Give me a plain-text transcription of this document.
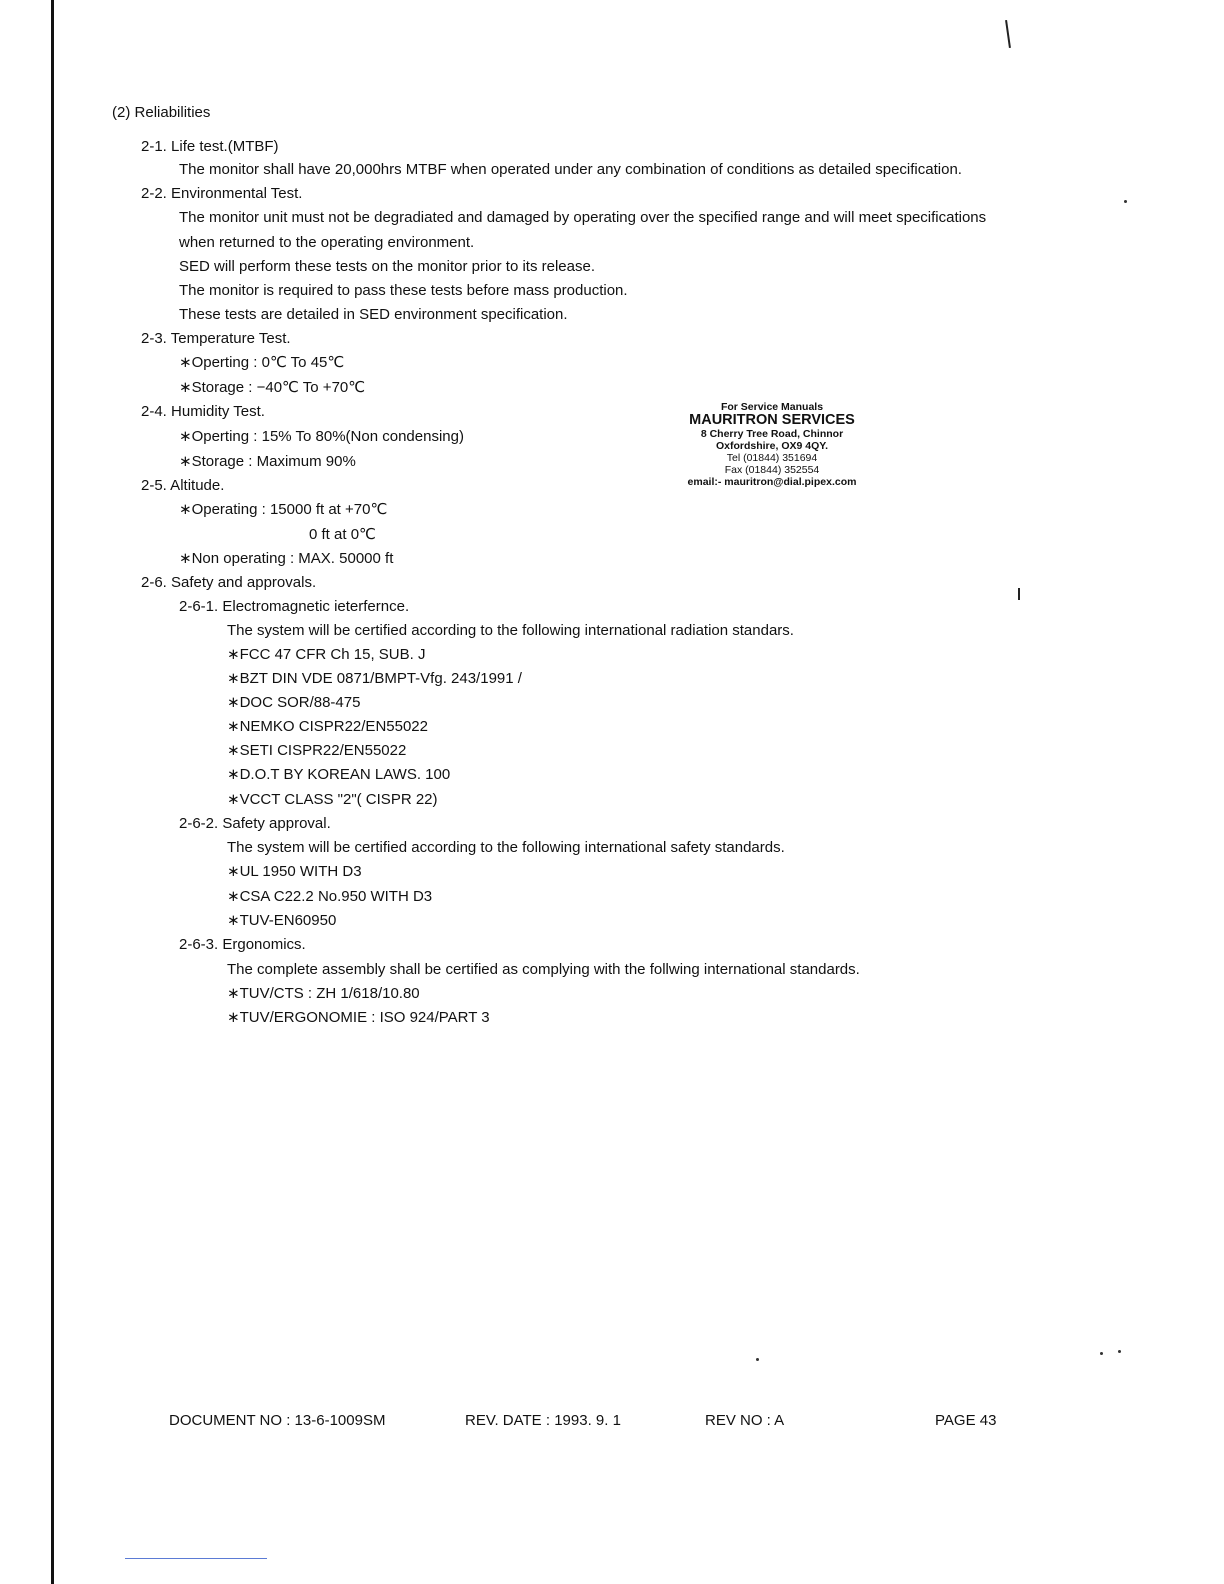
(2) Reliabilities
2-1. Life test.(MTBF)
The monitor shall have 20,000hrs MTBF when operated under any combination of conditions as detailed specification.
2-2. Environmental Test.
The monitor unit must not be degradiated and damaged by operating over the specified range and will meet specifications
when returned to the operating environment.
SED will perform these tests on the monitor prior to its release.
The monitor is required to pass these tests before mass production.
These tests are detailed in SED environment specification.
2-3. Temperature Test.
∗Operting : 0℃ To 45℃
∗Storage : −40℃ To +70℃
2-4. Humidity Test.
∗Operting : 15% To 80%(Non condensing)
∗Storage : Maximum 90%
2-5. Altitude.
∗Operating : 15000 ft at +70℃
0 ft at 0℃
∗Non operating : MAX. 50000 ft
2-6. Safety and approvals.
2-6-1. Electromagnetic ieterfernce.
The system will be certified according to the following international radiation standars.
∗FCC 47 CFR Ch 15, SUB. J
∗BZT DIN VDE 0871/BMPT-Vfg. 243/1991 /
∗DOC SOR/88-475
∗NEMKO CISPR22/EN55022
∗SETI CISPR22/EN55022
∗D.O.T BY KOREAN LAWS. 100
∗VCCT CLASS "2"( CISPR 22)
2-6-2. Safety approval.
The system will be certified according to the following international safety standards.
∗UL 1950 WITH D3
∗CSA C22.2 No.950 WITH D3
∗TUV-EN60950
2-6-3. Ergonomics.
The complete assembly shall be certified as complying with the follwing international standards.
∗TUV/CTS : ZH 1/618/10.80
∗TUV/ERGONOMIE : ISO 924/PART 3
For Service Manuals
MAURITRON SERVICES
8 Cherry Tree Road, Chinnor
Oxfordshire, OX9 4QY.
Tel (01844) 351694
Fax (01844) 352554
email:- mauritron@dial.pipex.com
DOCUMENT NO : 13-6-1009SM	REV. DATE : 1993. 9. 1	REV NO : A	PAGE 43
